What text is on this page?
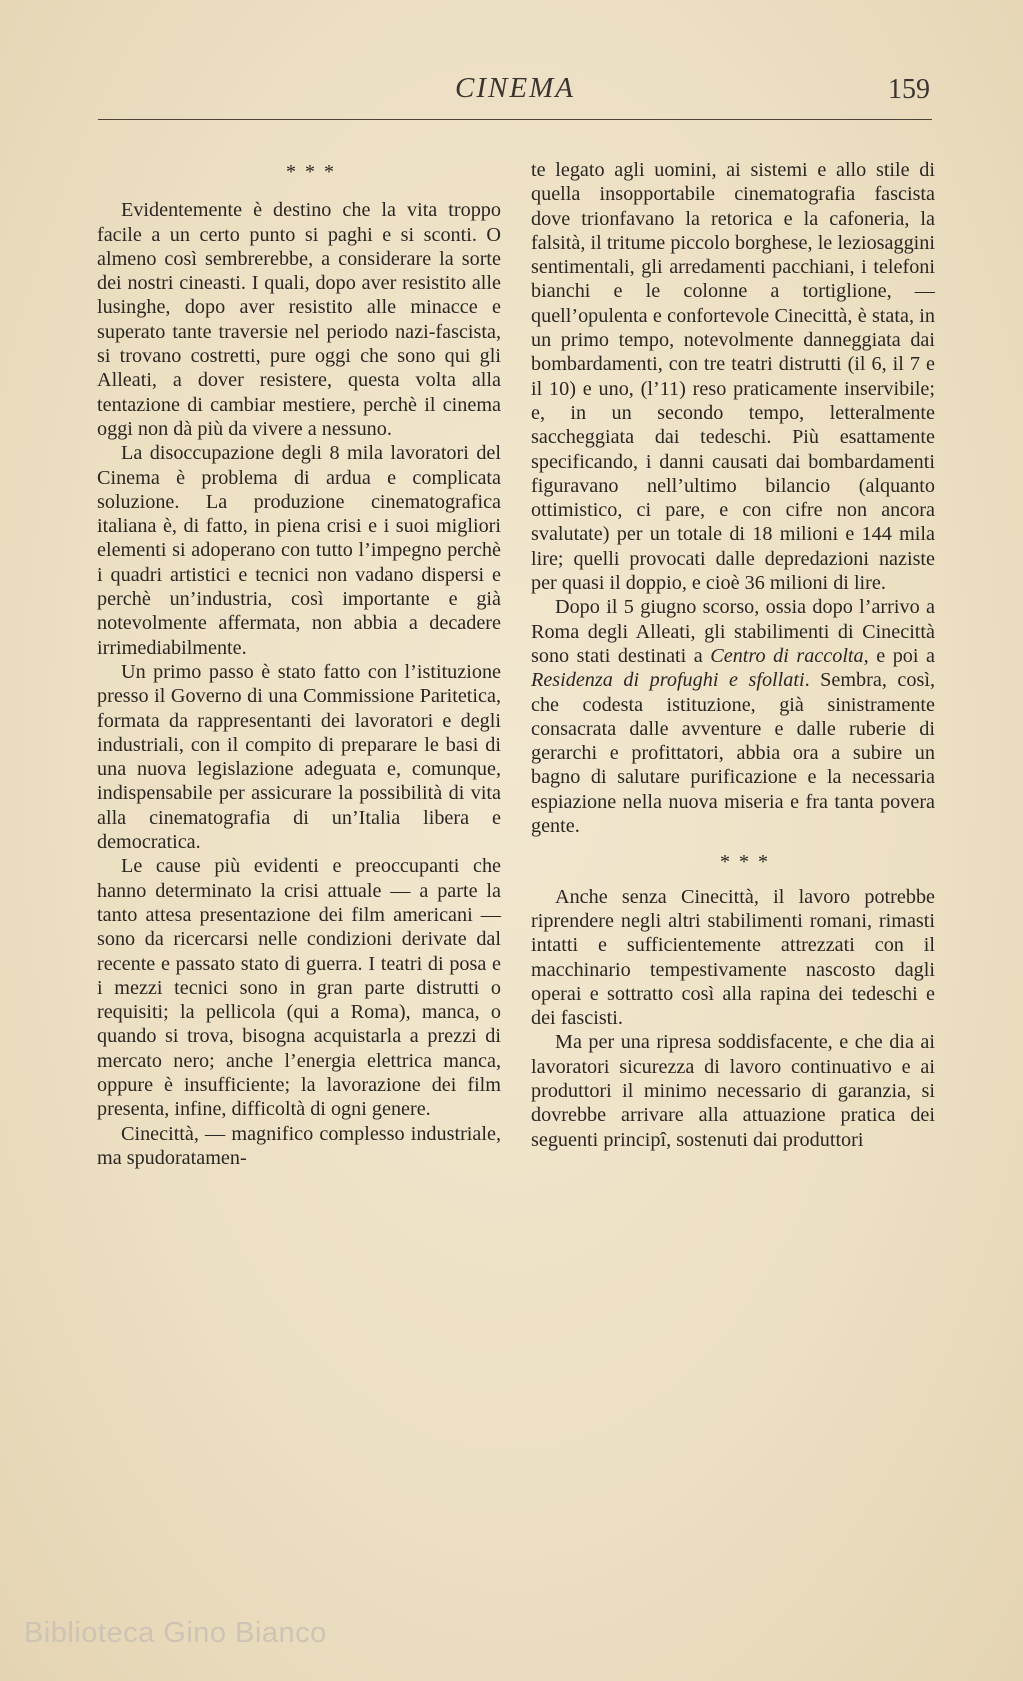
CINEMA	159

* * *

Evidentemente è destino che la vita troppo facile a un certo punto si paghi e si sconti. O almeno così sembrerebbe, a considerare la sorte dei nostri cineasti. I quali, dopo aver resistito alle lusinghe, dopo aver resistito alle minacce e superato tante traversie nel periodo nazi-fascista, si trovano costretti, pure oggi che sono qui gli Alleati, a dover resistere, questa volta alla tentazione di cambiar mestiere, perchè il cinema oggi non dà più da vivere a nessuno.

La disoccupazione degli 8 mila lavoratori del Cinema è problema di ardua e complicata soluzione. La produzione cinematografica italiana è, di fatto, in piena crisi e i suoi migliori elementi si adoperano con tutto l’impegno perchè i quadri artistici e tecnici non vadano dispersi e perchè un’industria, così importante e già notevolmente affermata, non abbia a decadere irrimediabilmente.

Un primo passo è stato fatto con l’istituzione presso il Governo di una Commissione Paritetica, formata da rappresentanti dei lavoratori e degli industriali, con il compito di preparare le basi di una nuova legislazione adeguata e, comunque, indispensabile per assicurare la possibilità di vita alla cinematografia di un’Italia libera e democratica.

Le cause più evidenti e preoccupanti che hanno determinato la crisi attuale — a parte la tanto attesa presentazione dei film americani — sono da ricercarsi nelle condizioni derivate dal recente e passato stato di guerra. I teatri di posa e i mezzi tecnici sono in gran parte distrutti o requisiti; la pellicola (qui a Roma), manca, o quando si trova, bisogna acquistarla a prezzi di mercato nero; anche l’energia elettrica manca, oppure è insufficiente; la lavorazione dei film presenta, infine, difficoltà di ogni genere.

Cinecittà, — magnifico complesso industriale, ma spudoratamen-

te legato agli uomini, ai sistemi e allo stile di quella insopportabile cinematografia fascista dove trionfavano la retorica e la cafoneria, la falsità, il tritume piccolo borghese, le leziosaggini sentimentali, gli arredamenti pacchiani, i telefoni bianchi e le colonne a tortiglione, — quell’opulenta e confortevole Cinecittà, è stata, in un primo tempo, notevolmente danneggiata dai bombardamenti, con tre teatri distrutti (il 6, il 7 e il 10) e uno, (l’11) reso praticamente inservibile; e, in un secondo tempo, letteralmente saccheggiata dai tedeschi. Più esattamente specificando, i danni causati dai bombardamenti figuravano nell’ultimo bilancio (alquanto ottimistico, ci pare, e con cifre non ancora svalutate) per un totale di 18 milioni e 144 mila lire; quelli provocati dalle depredazioni naziste per quasi il doppio, e cioè 36 milioni di lire.

Dopo il 5 giugno scorso, ossia dopo l’arrivo a Roma degli Alleati, gli stabilimenti di Cinecittà sono stati destinati a Centro di raccolta, e poi a Residenza di profughi e sfollati. Sembra, così, che codesta istituzione, già sinistramente consacrata dalle avventure e dalle ruberie di gerarchi e profittatori, abbia ora a subire un bagno di salutare purificazione e la necessaria espiazione nella nuova miseria e fra tanta povera gente.

* * *

Anche senza Cinecittà, il lavoro potrebbe riprendere negli altri stabilimenti romani, rimasti intatti e sufficientemente attrezzati con il macchinario tempestivamente nascosto dagli operai e sottratto così alla rapina dei tedeschi e dei fascisti.

Ma per una ripresa soddisfacente, e che dia ai lavoratori sicurezza di lavoro continuativo e ai produttori il minimo necessario di garanzia, si dovrebbe arrivare alla attuazione pratica dei seguenti principî, sostenuti dai produttori

Biblioteca Gino Bianco
